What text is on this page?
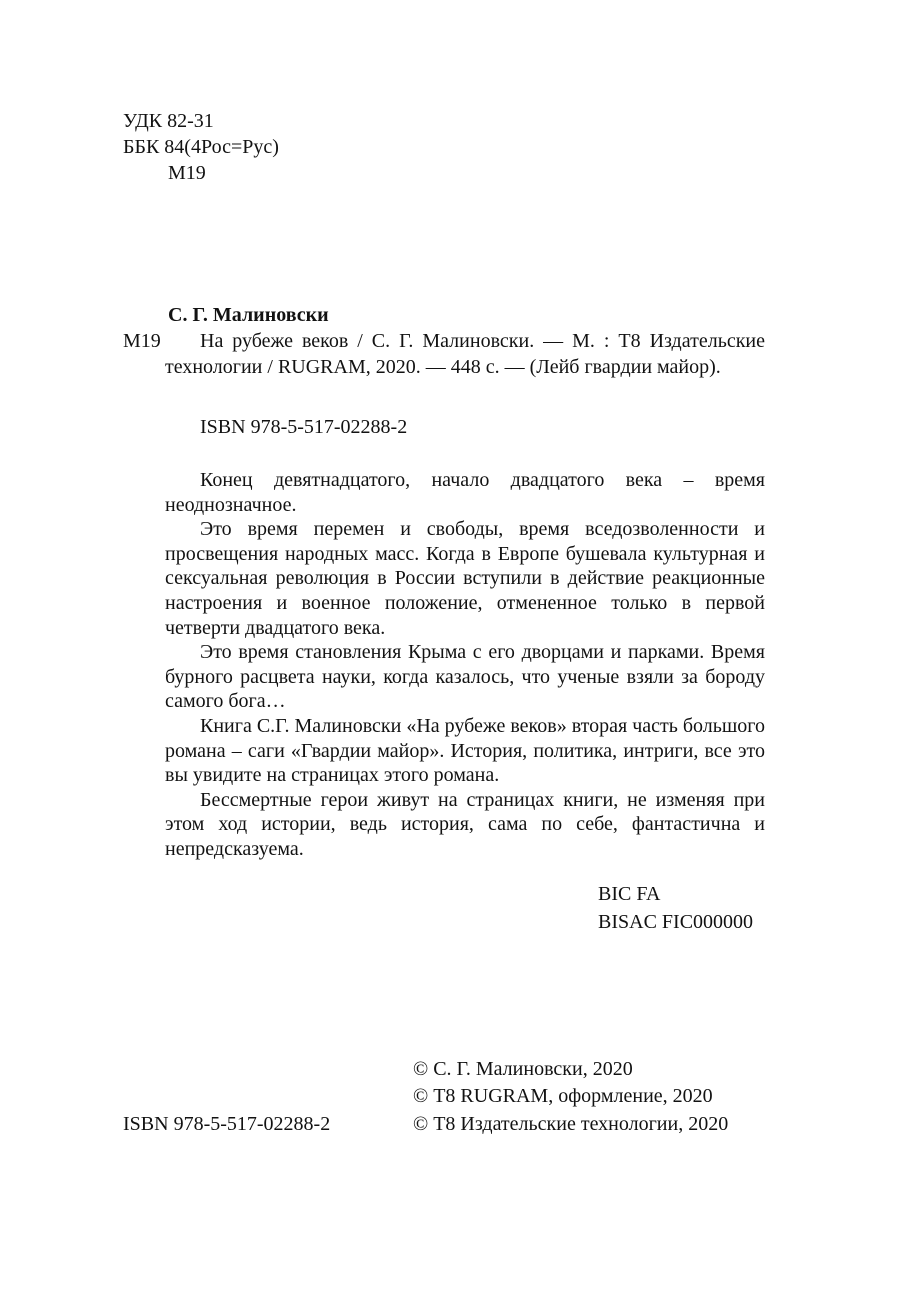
УДК 82-31
ББК 84(4Рос=Рус)
М19
С. Г. Малиновски
М19 На рубеже веков / С. Г. Малиновски. — М. : Т8 Издательские технологии / RUGRAM, 2020. — 448 с. — (Лейб гвардии майор).
ISBN 978-5-517-02288-2

Конец девятнадцатого, начало двадцатого века – время неоднозначное.

Это время перемен и свободы, время вседозволенности и просвещения народных масс. Когда в Европе бушевала культурная и сексуальная революция в России вступили в действие реакционные настроения и военное положение, отмененное только в первой четверти двадцатого века.

Это время становления Крыма с его дворцами и парками. Время бурного расцвета науки, когда казалось, что ученые взяли за бороду самого бога…

Книга С.Г. Малиновски «На рубеже веков» вторая часть большого романа – саги «Гвардии майор». История, политика, интриги, все это вы увидите на страницах этого романа.

Бессмертные герои живут на страницах книги, не изменяя при этом ход истории, ведь история, сама по себе, фантастична и непредсказуема.

BIC FA
BISAC FIC000000
ISBN 978-5-517-02288-2
© С. Г. Малиновски, 2020
© Т8 RUGRAM, оформление, 2020
© Т8 Издательские технологии, 2020
